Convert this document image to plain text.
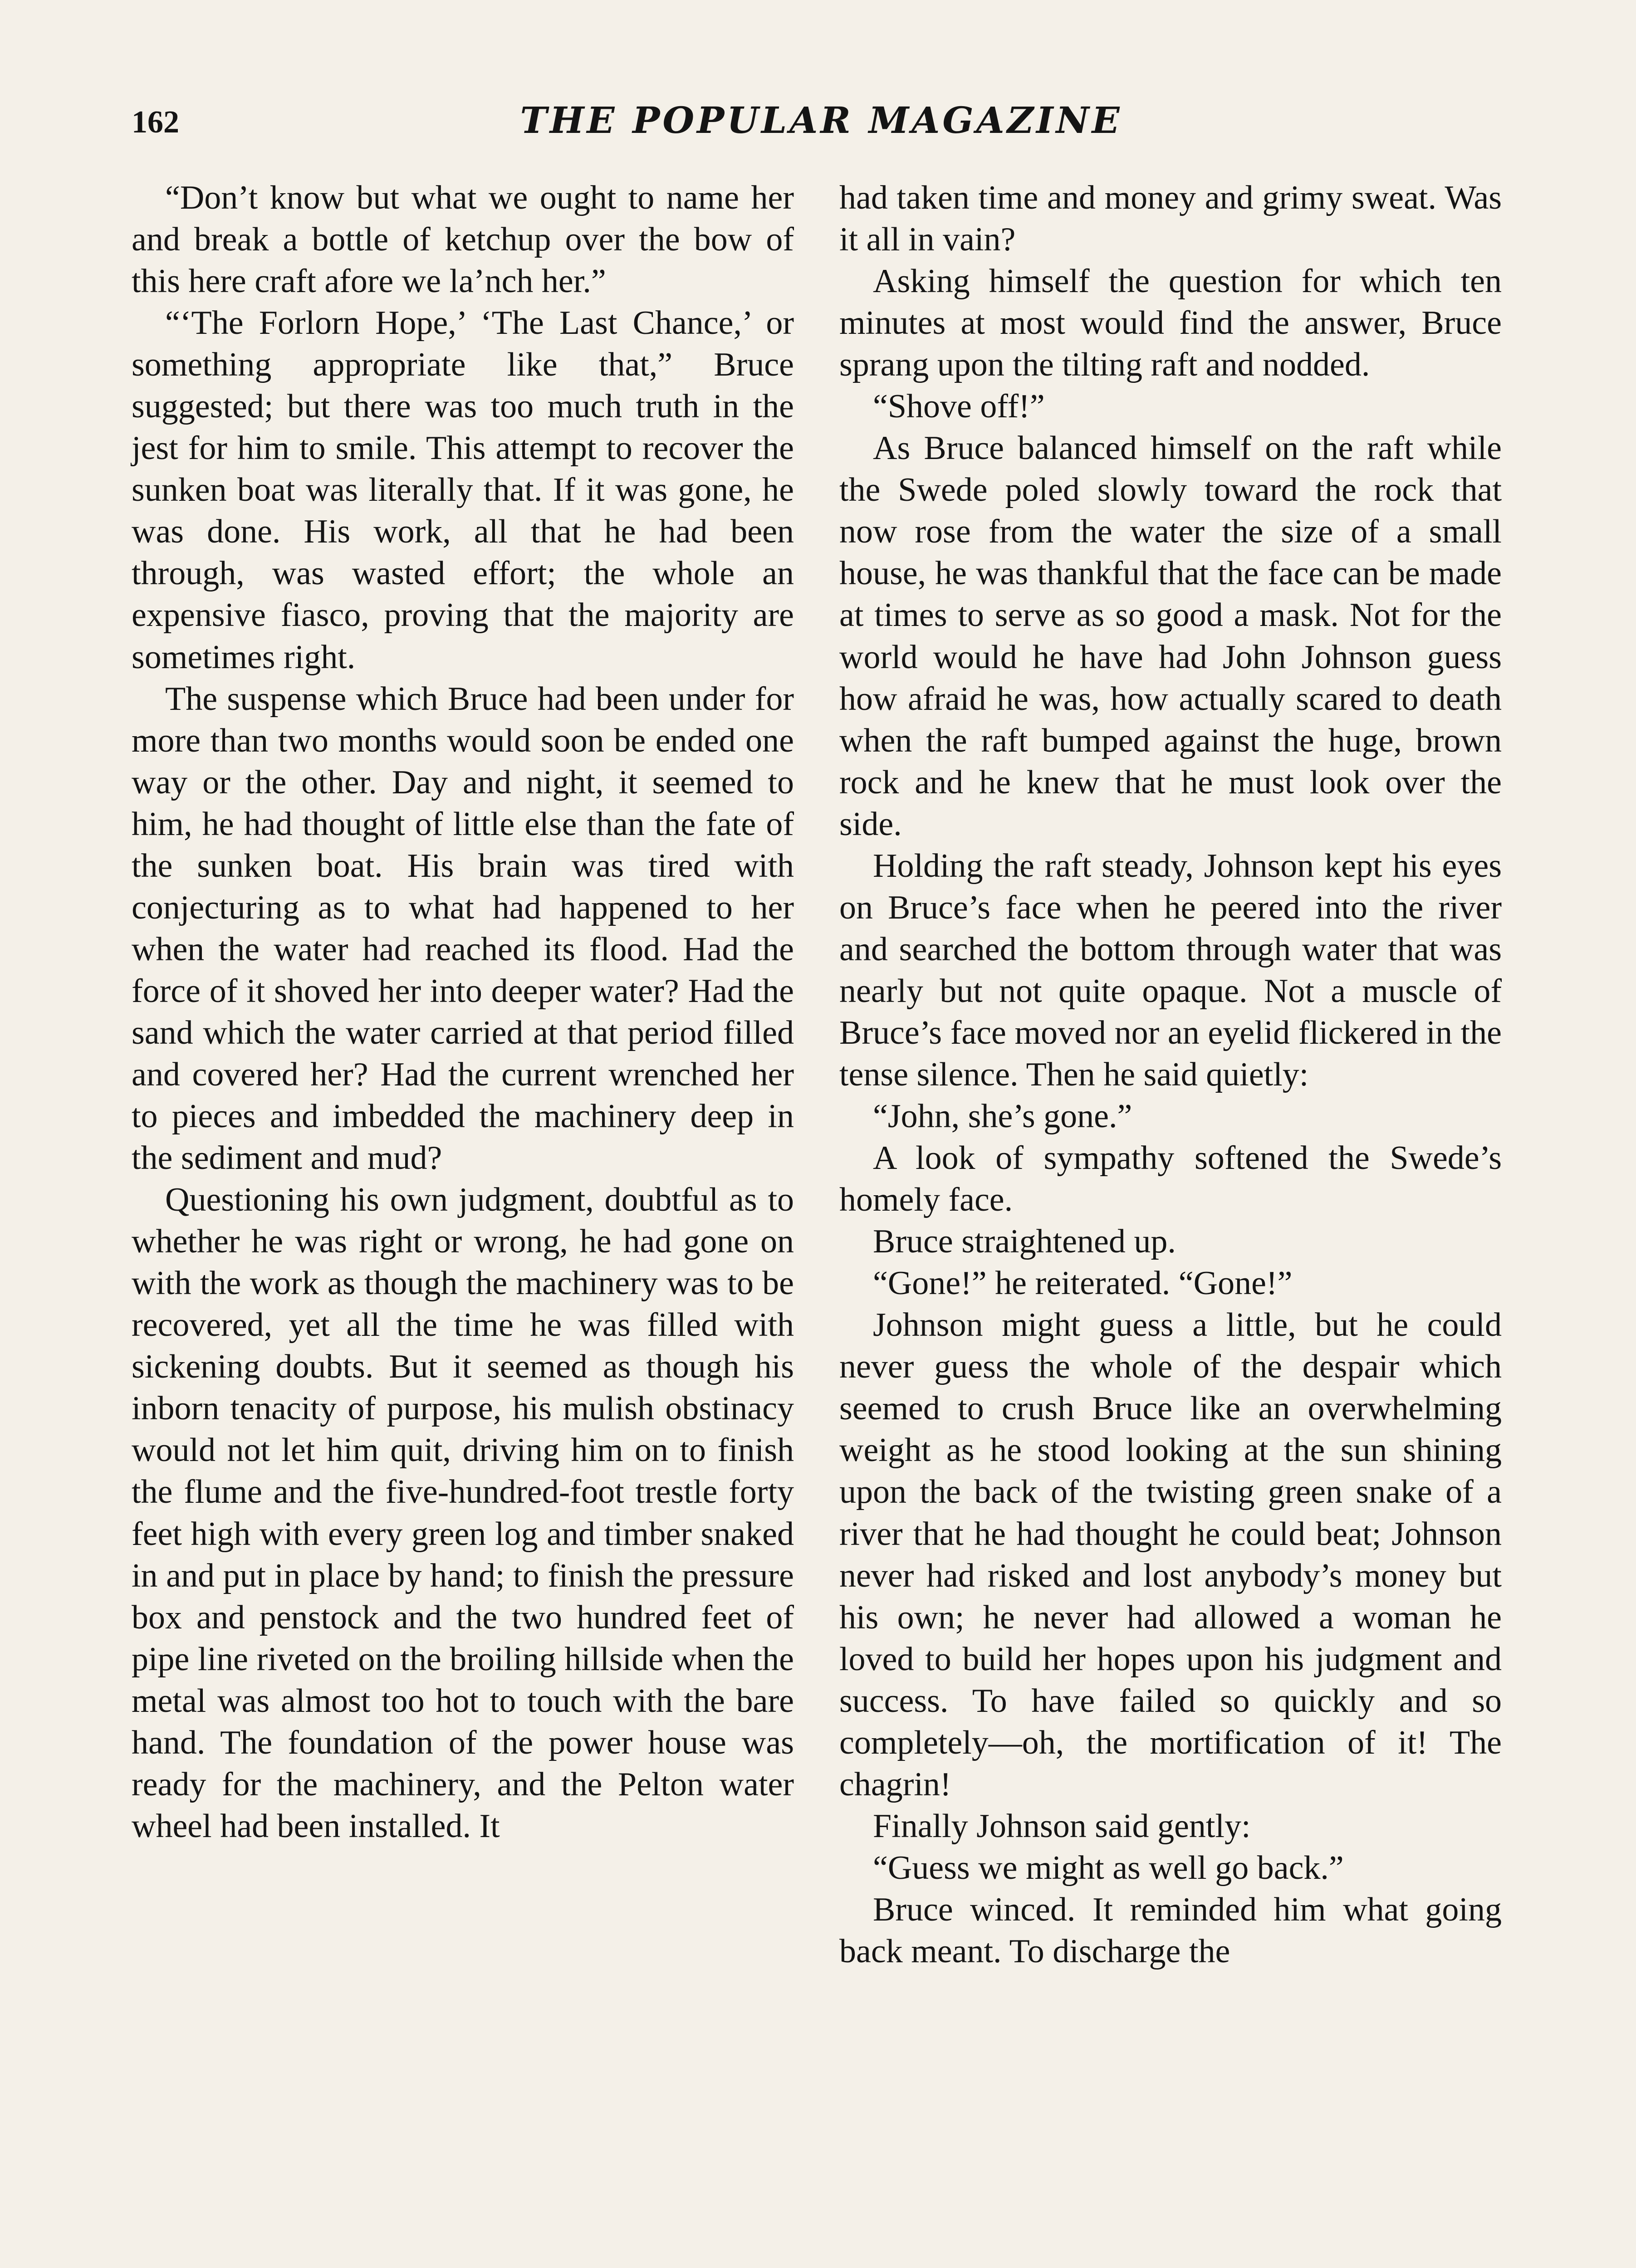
162	THE POPULAR MAGAZINE

“Don’t know but what we ought to name her and break a bottle of ketchup over the bow of this here craft afore we la’nch her.”

“‘The Forlorn Hope,’ ‘The Last Chance,’ or something appropriate like that,” Bruce suggested; but there was too much truth in the jest for him to smile. This attempt to recover the sunken boat was literally that. If it was gone, he was done. His work, all that he had been through, was wasted effort; the whole an expensive fiasco, proving that the majority are sometimes right.

The suspense which Bruce had been under for more than two months would soon be ended one way or the other. Day and night, it seemed to him, he had thought of little else than the fate of the sunken boat. His brain was tired with conjecturing as to what had happened to her when the water had reached its flood. Had the force of it shoved her into deeper water? Had the sand which the water carried at that period filled and covered her? Had the current wrenched her to pieces and imbedded the machinery deep in the sediment and mud?

Questioning his own judgment, doubtful as to whether he was right or wrong, he had gone on with the work as though the machinery was to be recovered, yet all the time he was filled with sickening doubts. But it seemed as though his inborn tenacity of purpose, his mulish obstinacy would not let him quit, driving him on to finish the flume and the five-hundred-foot trestle forty feet high with every green log and timber snaked in and put in place by hand; to finish the pressure box and penstock and the two hundred feet of pipe line riveted on the broiling hillside when the metal was almost too hot to touch with the bare hand. The foundation of the power house was ready for the machinery, and the Pelton water wheel had been installed. It

had taken time and money and grimy sweat. Was it all in vain?

Asking himself the question for which ten minutes at most would find the answer, Bruce sprang upon the tilting raft and nodded.

“Shove off!”

As Bruce balanced himself on the raft while the Swede poled slowly toward the rock that now rose from the water the size of a small house, he was thankful that the face can be made at times to serve as so good a mask. Not for the world would he have had John Johnson guess how afraid he was, how actually scared to death when the raft bumped against the huge, brown rock and he knew that he must look over the side.

Holding the raft steady, Johnson kept his eyes on Bruce’s face when he peered into the river and searched the bottom through water that was nearly but not quite opaque. Not a muscle of Bruce’s face moved nor an eyelid flickered in the tense silence. Then he said quietly:

“John, she’s gone.”

A look of sympathy softened the Swede’s homely face.

Bruce straightened up.

“Gone!” he reiterated. “Gone!”

Johnson might guess a little, but he could never guess the whole of the despair which seemed to crush Bruce like an overwhelming weight as he stood looking at the sun shining upon the back of the twisting green snake of a river that he had thought he could beat; Johnson never had risked and lost anybody’s money but his own; he never had allowed a woman he loved to build her hopes upon his judgment and success. To have failed so quickly and so completely—oh, the mortification of it! The chagrin!

Finally Johnson said gently:

“Guess we might as well go back.”

Bruce winced. It reminded him what going back meant. To discharge the
